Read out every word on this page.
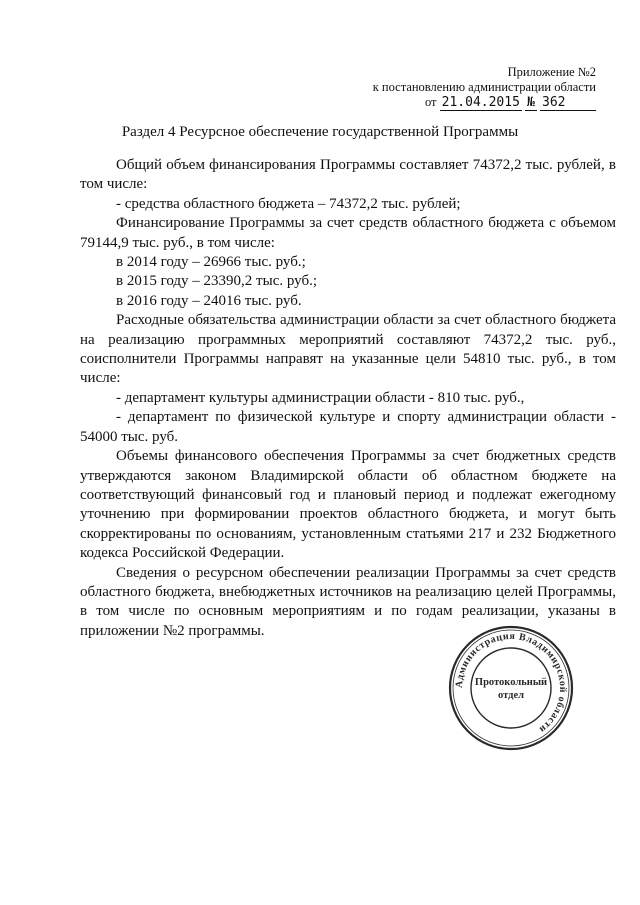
Приложение №2
к постановлению администрации области
от 21.04.2015 № 362
Раздел 4 Ресурсное обеспечение государственной Программы

Общий объем финансирования Программы составляет 74372,2 тыс. рублей, в том числе:

- средства областного бюджета – 74372,2 тыс. рублей;

Финансирование Программы за счет средств областного бюджета с объемом 79144,9 тыс. руб., в том числе:

в 2014 году – 26966 тыс. руб.;

в 2015 году – 23390,2 тыс. руб.;

в 2016 году – 24016 тыс. руб.

Расходные обязательства администрации области за счет областного бюджета на реализацию программных мероприятий составляют 74372,2 тыс. руб., соисполнители Программы направят на указанные цели 54810 тыс. руб., в том числе:

- департамент культуры администрации области - 810 тыс. руб.,

- департамент по физической культуре и спорту администрации области - 54000 тыс. руб.

Объемы финансового обеспечения Программы за счет бюджетных средств утверждаются законом Владимирской области об областном бюджете на соответствующий финансовый год и плановый период и подлежат ежегодному уточнению при формировании проектов областного бюджета, и могут быть скорректированы по основаниям, установленным статьями 217 и 232 Бюджетного кодекса Российской Федерации.

Сведения о ресурсном обеспечении реализации Программы за счет средств областного бюджета, внебюджетных источников на реализацию целей Программы, в том числе по основным мероприятиям и по годам реализации, указаны в приложении №2 программы.

Администрация Владимирской области
Протокольный
отдел
